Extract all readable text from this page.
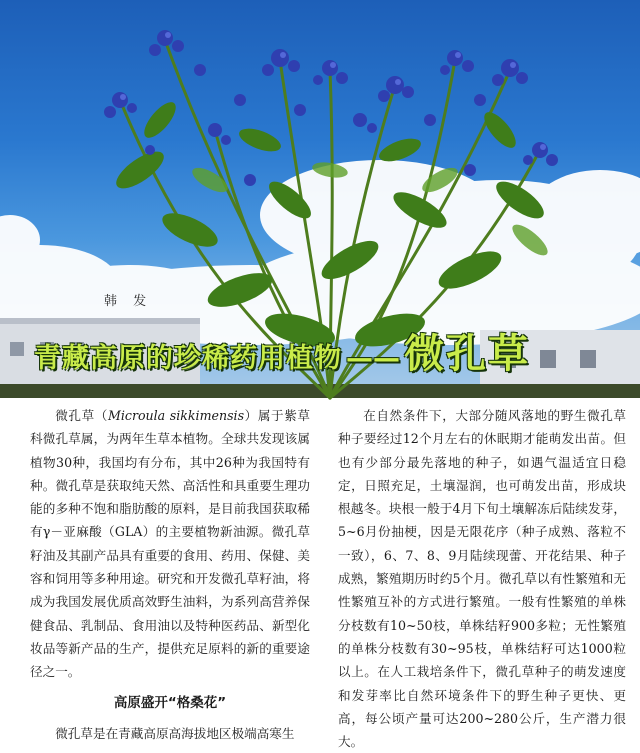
韩 发
青藏高原的珍稀药用植物 —— 微孔草

微孔草（Microula sikkimensis）属于紫草科微孔草属，为两年生草本植物。全球共发现该属植物30种，我国均有分布，其中26种为我国特有种。微孔草是获取纯天然、高活性和具重要生理功能的多种不饱和脂肪酸的原料，是目前我国获取稀有γ－亚麻酸（GLA）的主要植物新油源。微孔草籽油及其副产品具有重要的食用、药用、保健、美容和饲用等多种用途。研究和开发微孔草籽油，将成为我国发展优质高效野生油料，为系列高营养保健食品、乳制品、食用油以及特种医药品、新型化妆品等新产品的生产，提供充足原料的新的重要途径之一。

高原盛开“格桑花”

微孔草是在青藏高原高海拔地区极端高寒生

在自然条件下，大部分随风落地的野生微孔草种子要经过12个月左右的休眠期才能萌发出苗。但也有少部分最先落地的种子，如遇气温适宜日稳定，日照充足，土壤湿润，也可萌发出苗，形成块根越冬。块根一般于4月下旬土壤解冻后陆续发芽，5~6月份抽梗，因是无限花序（种子成熟、落粒不一致），6、7、8、9月陆续现蕾、开花结果、种子成熟，繁殖期历时约5个月。微孔草以有性繁殖和无性繁殖互补的方式进行繁殖。一般有性繁殖的单株分枝数有10~50枝，单株结籽900多粒；无性繁殖的单株分枝数有30~95枝，单株结籽可达1000粒以上。在人工栽培条件下，微孔草种子的萌发速度和发芽率比自然环境条件下的野生种子更快、更高，每公顷产量可达200~280公斤，生产潜力很大。
